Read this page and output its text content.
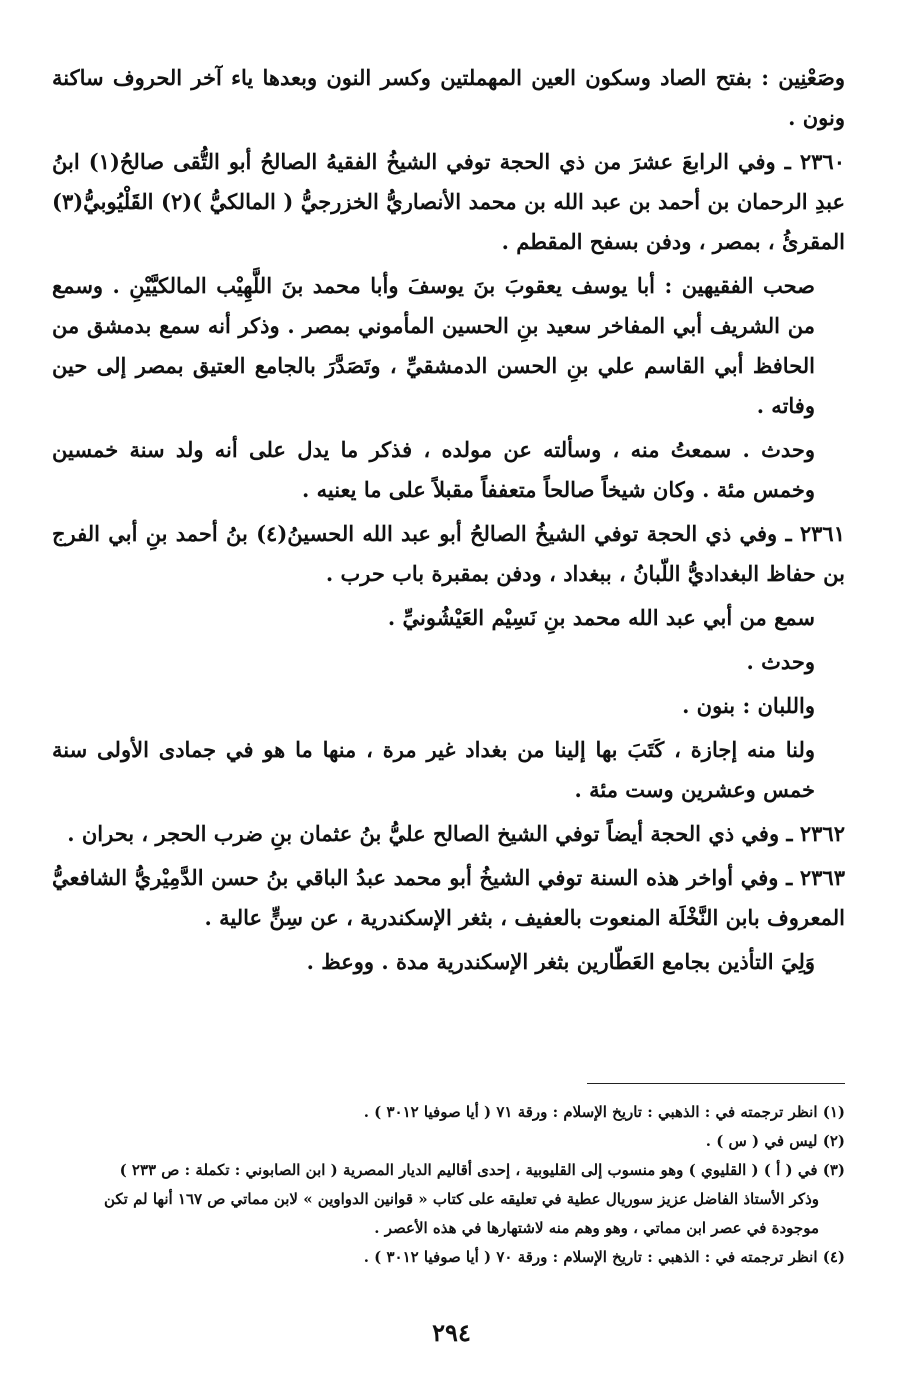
وصَعْنِين : بفتح الصاد وسكون العين المهملتين وكسر النون وبعدها ياء آخر الحروف ساكنة ونون .

٢٣٦٠ ـ وفي الرابعَ عشرَ من ذي الحجة توفي الشيخُ الفقيهُ الصالحُ أبو التُّقى صالحُ(١) ابنُ عبدِ الرحمان بن أحمد بن عبد الله بن محمد الأنصاريُّ الخزرجيُّ ( المالكيُّ )(٢) القَلْيُوبيُّ(٣) المقرئُ ، بمصر ، ودفن بسفح المقطم .

صحب الفقيهين : أبا يوسف يعقوبَ بنَ يوسفَ وأبا محمد بنَ اللَّهِيْب المالكيَّيْنِ . وسمع من الشريف أبي المفاخر سعيد بنِ الحسين المأموني بمصر . وذكر أنه سمع بدمشق من الحافظ أبي القاسم علي بنِ الحسن الدمشقيِّ ، وتَصَدَّرَ بالجامع العتيق بمصر إلى حين وفاته .

وحدث . سمعتُ منه ، وسألته عن مولده ، فذكر ما يدل على أنه ولد سنة خمسين وخمس مئة . وكان شيخاً صالحاً متعففاً مقبلاً على ما يعنيه .

٢٣٦١ ـ وفي ذي الحجة توفي الشيخُ الصالحُ أبو عبد الله الحسينُ(٤) بنُ أحمد بنِ أبي الفرج بن حفاظ البغداديُّ اللّبانُ ، ببغداد ، ودفن بمقبرة باب حرب .

سمع من أبي عبد الله محمد بنِ نَسِيْم العَيْشُونيِّ .

وحدث .

واللبان : بنون .

ولنا منه إجازة ، كَتَبَ بها إلينا من بغداد غير مرة ، منها ما هو في جمادى الأولى سنة خمس وعشرين وست مئة .

٢٣٦٢ ـ وفي ذي الحجة أيضاً توفي الشيخ الصالح عليُّ بنُ عثمان بنِ ضرب الحجر ، بحران .

٢٣٦٣ ـ وفي أواخر هذه السنة توفي الشيخُ أبو محمد عبدُ الباقي بنُ حسن الدَّمِيْريُّ الشافعيُّ المعروف بابن النَّخْلَة المنعوت بالعفيف ، بثغر الإسكندرية ، عن سِنٍّ عالية .

وَلِيَ التأذين بجامع العَطّارين بثغر الإسكندرية مدة . ووعظ .

(١) انظر ترجمته في : الذهبي : تاريخ الإسلام : ورقة ٧١ ( أيا صوفيا ٣٠١٢ ) .

(٢) ليس في ( س ) .

(٣) في ( أ ) ( القليوي ) وهو منسوب إلى القليوبية ، إحدى أقاليم الديار المصرية ( ابن الصابوني : تكملة : ص ٢٣٣ )

وذكر الأستاذ الفاضل عزيز سوريال عطية في تعليقه على كتاب « قوانين الدواوين » لابن مماتي ص ١٦٧ أنها لم تكن موجودة في عصر ابن مماتي ، وهو وهم منه لاشتهارها في هذه الأعصر .

(٤) انظر ترجمته في : الذهبي : تاريخ الإسلام : ورقة ٧٠ ( أيا صوفيا ٣٠١٢ ) .

٢٩٤
